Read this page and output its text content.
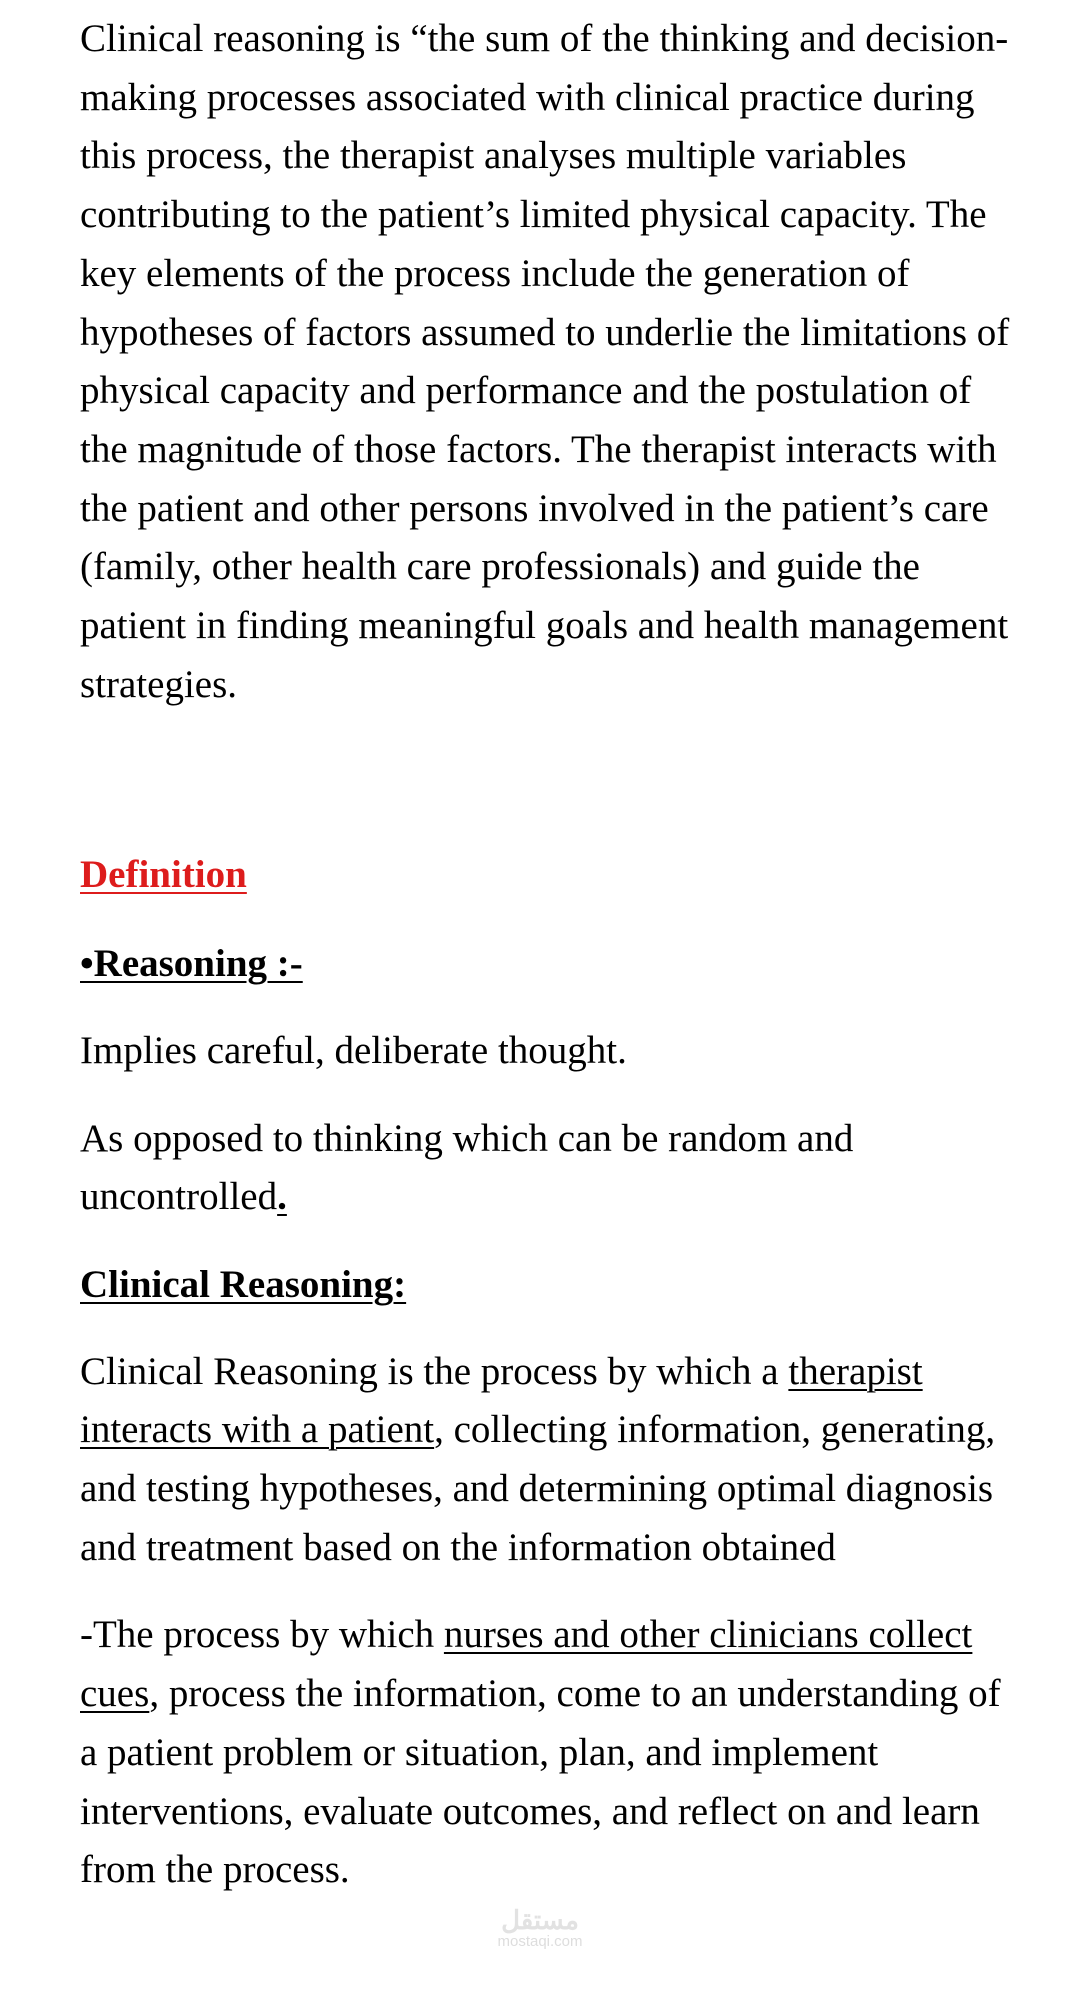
Clinical reasoning is “the sum of the thinking and decision-making processes associated with clinical practice during this process, the therapist analyses multiple variables contributing to the patient’s limited physical capacity. The key elements of the process include the generation of hypotheses of factors assumed to underlie the limitations of physical capacity and performance and the postulation of the magnitude of those factors. The therapist interacts with the patient and other persons involved in the patient’s care (family, other health care professionals) and guide the patient in finding meaningful goals and health management strategies.

Definition

•Reasoning :-

Implies careful, deliberate thought.

As opposed to thinking which can be random and uncontrolled.

Clinical Reasoning:

Clinical Reasoning is the process by which a therapist interacts with a patient, collecting information, generating, and testing hypotheses, and determining optimal diagnosis and treatment based on the information obtained

-The process by which nurses and other clinicians collect cues, process the information, come to an understanding of a patient problem or situation, plan, and implement interventions, evaluate outcomes, and reflect on and learn from the process.

مستقل
mostaqi.com
